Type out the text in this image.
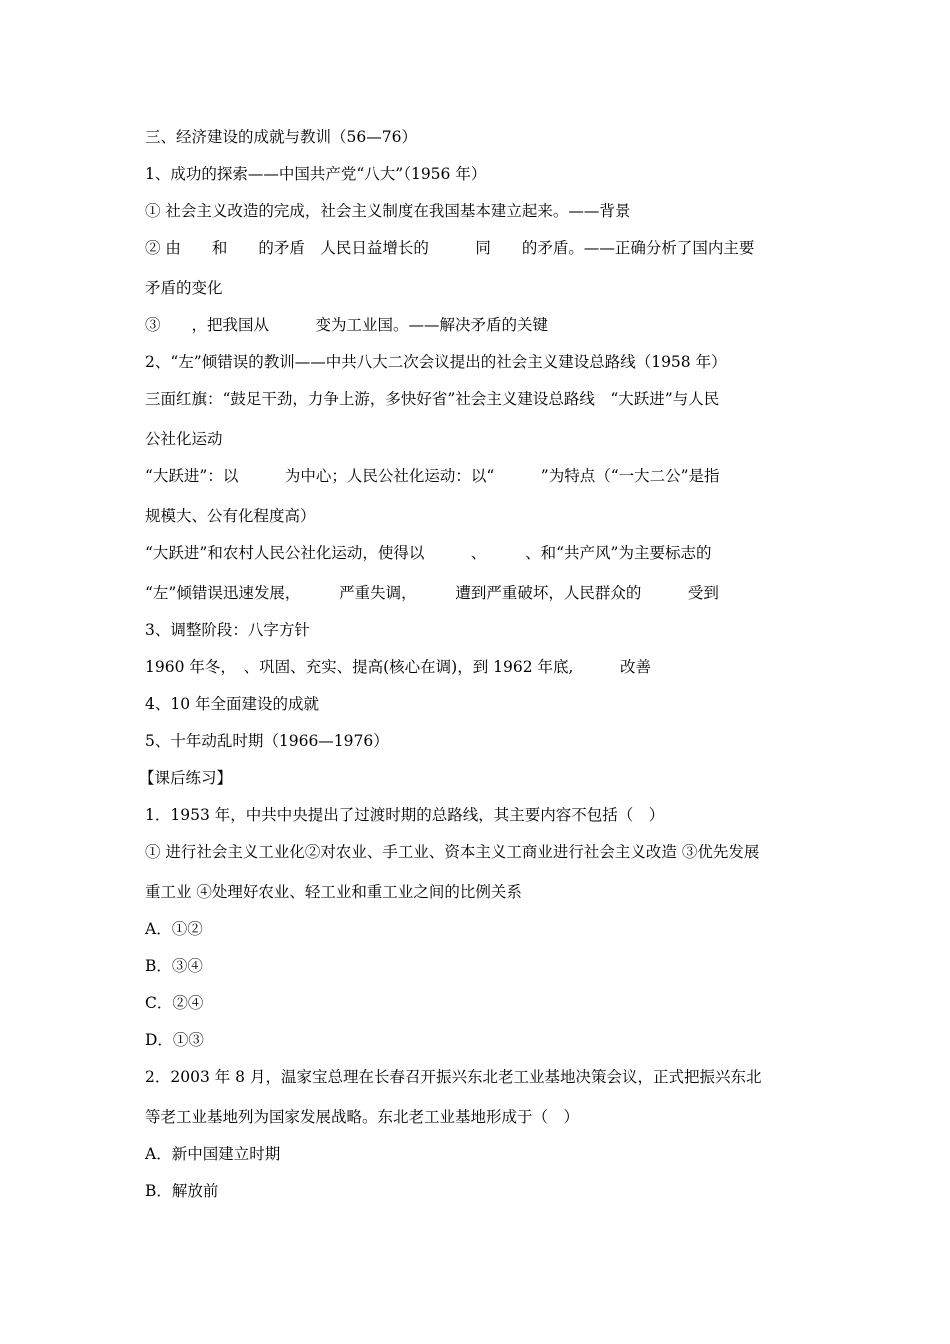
三、经济建设的成就与教训（56—76）
1、成功的探索——中国共产党“八大”（1956 年）
① 社会主义改造的完成，社会主义制度在我国基本建立起来。——背景
② 由　　和　　的矛盾　人民日益增长的　　　同　　的矛盾。——正确分析了国内主要
矛盾的变化
③　　，把我国从　　　变为工业国。——解决矛盾的关键
2、“左”倾错误的教训——中共八大二次会议提出的社会主义建设总路线（1958 年）
三面红旗：“鼓足干劲，力争上游，多快好省”社会主义建设总路线　“大跃进”与人民
公社化运动
“大跃进”：以　　　为中心；人民公社化运动：以“　　　”为特点（“一大二公”是指
规模大、公有化程度高）
“大跃进”和农村人民公社化运动，使得以　　　、　　　、和“共产风”为主要标志的
“左”倾错误迅速发展，　　　严重失调，　　　遭到严重破坏，人民群众的　　　受到
3、调整阶段：八字方针
1960 年冬，　、巩固、充实、提高(核心在调)，到 1962 年底,　　　改善
4、10 年全面建设的成就
5、十年动乱时期（1966—1976）
【课后练习】
1．1953 年，中共中央提出了过渡时期的总路线，其主要内容不包括（　）
① 进行社会主义工业化②对农业、手工业、资本主义工商业进行社会主义改造 ③优先发展
重工业 ④处理好农业、轻工业和重工业之间的比例关系
A．①②
B．③④
C．②④
D．①③
2．2003 年 8 月，温家宝总理在长春召开振兴东北老工业基地决策会议，正式把振兴东北
等老工业基地列为国家发展战略。东北老工业基地形成于（　）
A．新中国建立时期
B．解放前
